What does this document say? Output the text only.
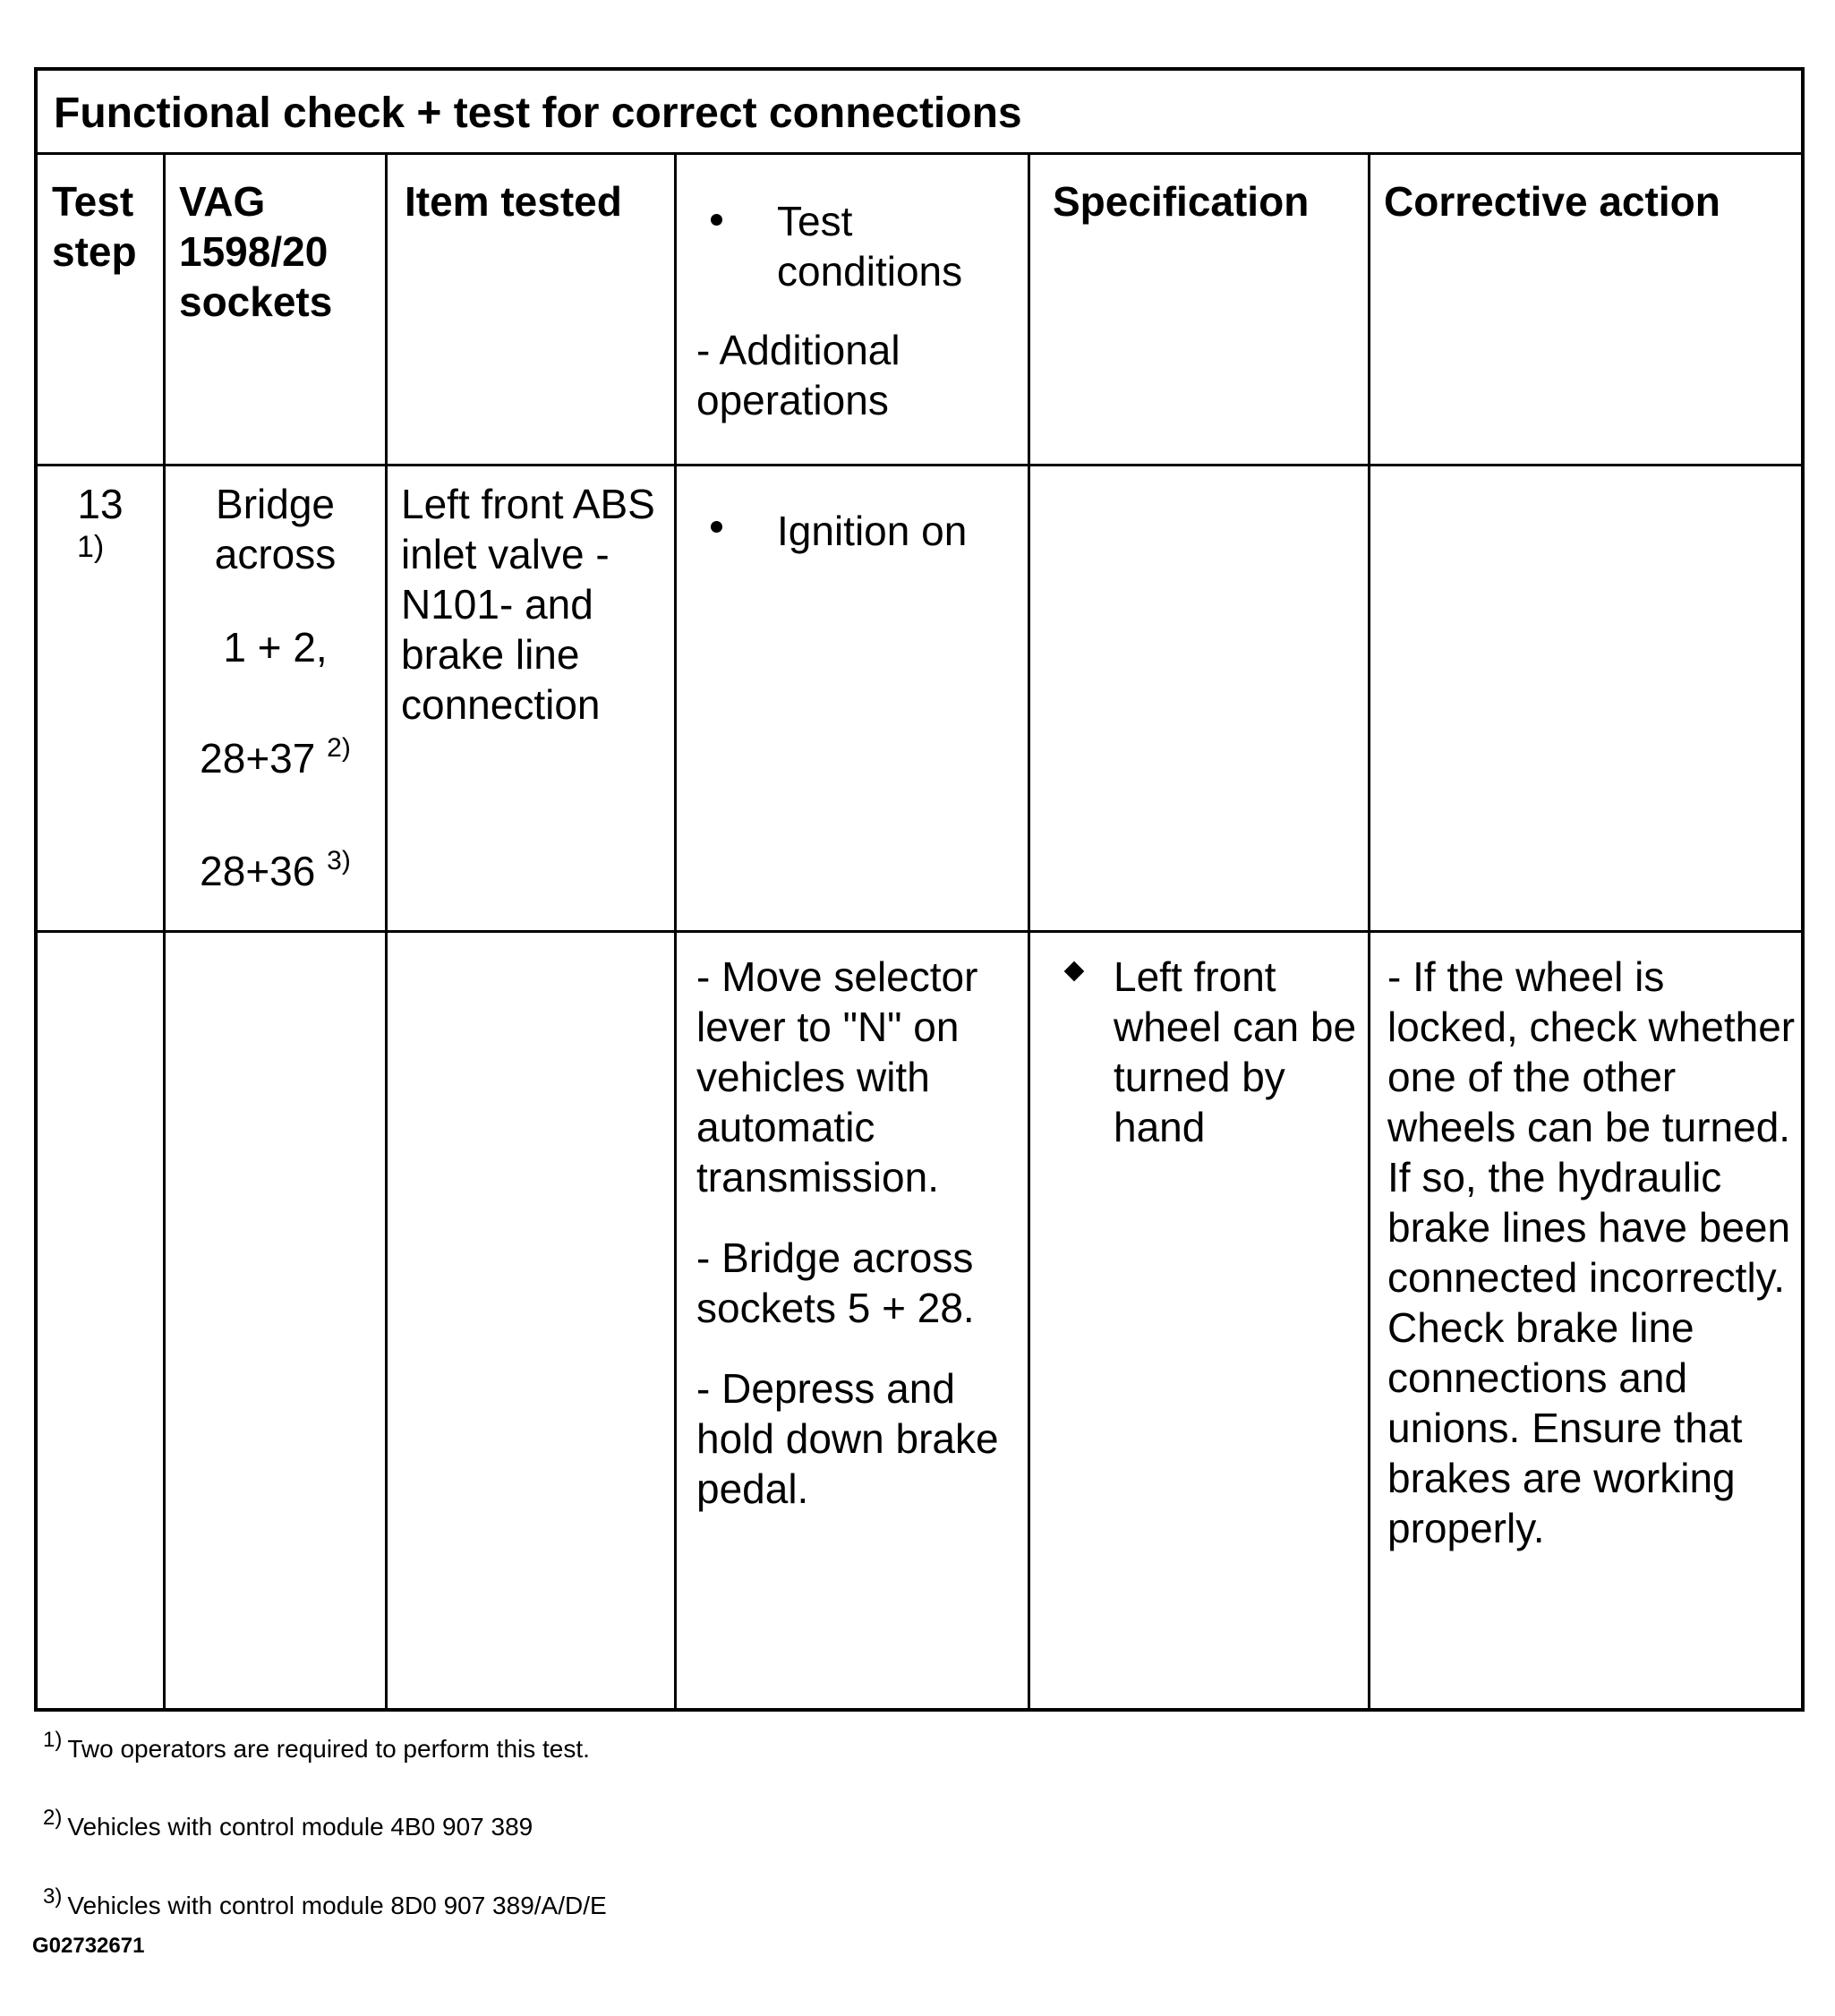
Functional check + test for correct connections
Test step
VAG 1598/20 sockets
Item tested	Test conditions
- Additional operations
Specification	Corrective action
13
1)
Bridge across
1 + 2,
28+37 $^{2)}$
28+36 $^{3)}$
Left front ABS inlet valve -N101- and brake line connection
Ignition on
- Move selector lever to "N" on vehicles with automatic transmission.
- Bridge across sockets 5 + 28.
- Depress and hold down brake pedal.
Left front wheel can be turned by hand
- If the wheel is locked, check whether one of the other wheels can be turned. If so, the hydraulic brake lines have been connected incorrectly. Check brake line connections and unions. Ensure that brakes are working properly.
1) Two operators are required to perform this test.
2) Vehicles with control module 4B0 907 389
3) Vehicles with control module 8D0 907 389/A/D/E
G02732671
